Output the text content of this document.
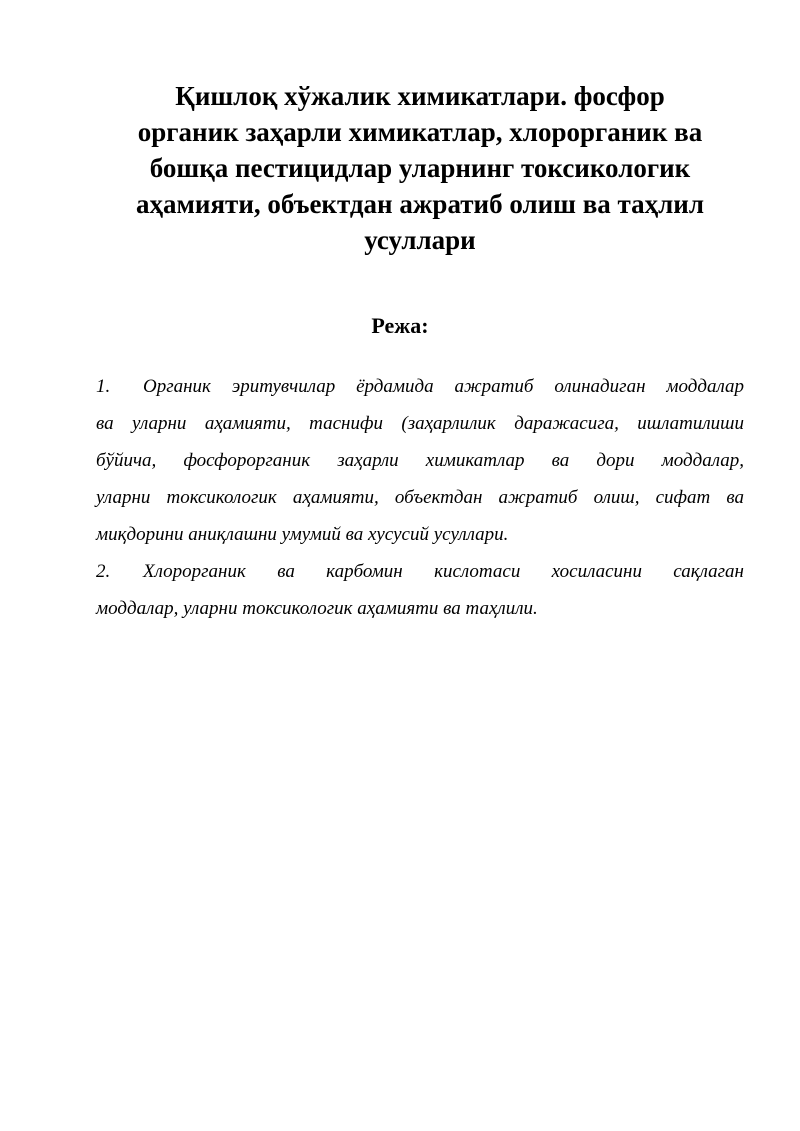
Қишлоқ хўжалик химикатлари. фосфор
органик заҳарли химикатлар, хлорорганик ва
бошқа пестицидлар уларнинг токсикологик
аҳамияти, объектдан ажратиб олиш ва таҳлил
усуллари
Режа:
1. Органик эритувчилар ёрдамида ажратиб олинадиган моддалар
ва уларни аҳамияти, таснифи (заҳарлилик даражасига, ишлатилиши
бўйича, фосфорорганик заҳарли химикатлар ва дори моддалар,
уларни токсикологик аҳамияти, объектдан ажратиб олиш, сифат ва
миқдорини аниқлашни умумий ва хусусий усуллари.
2. Хлорорганик ва карбомин кислотаси хосиласини сақлаган
моддалар, уларни токсикологик аҳамияти ва таҳлили.
